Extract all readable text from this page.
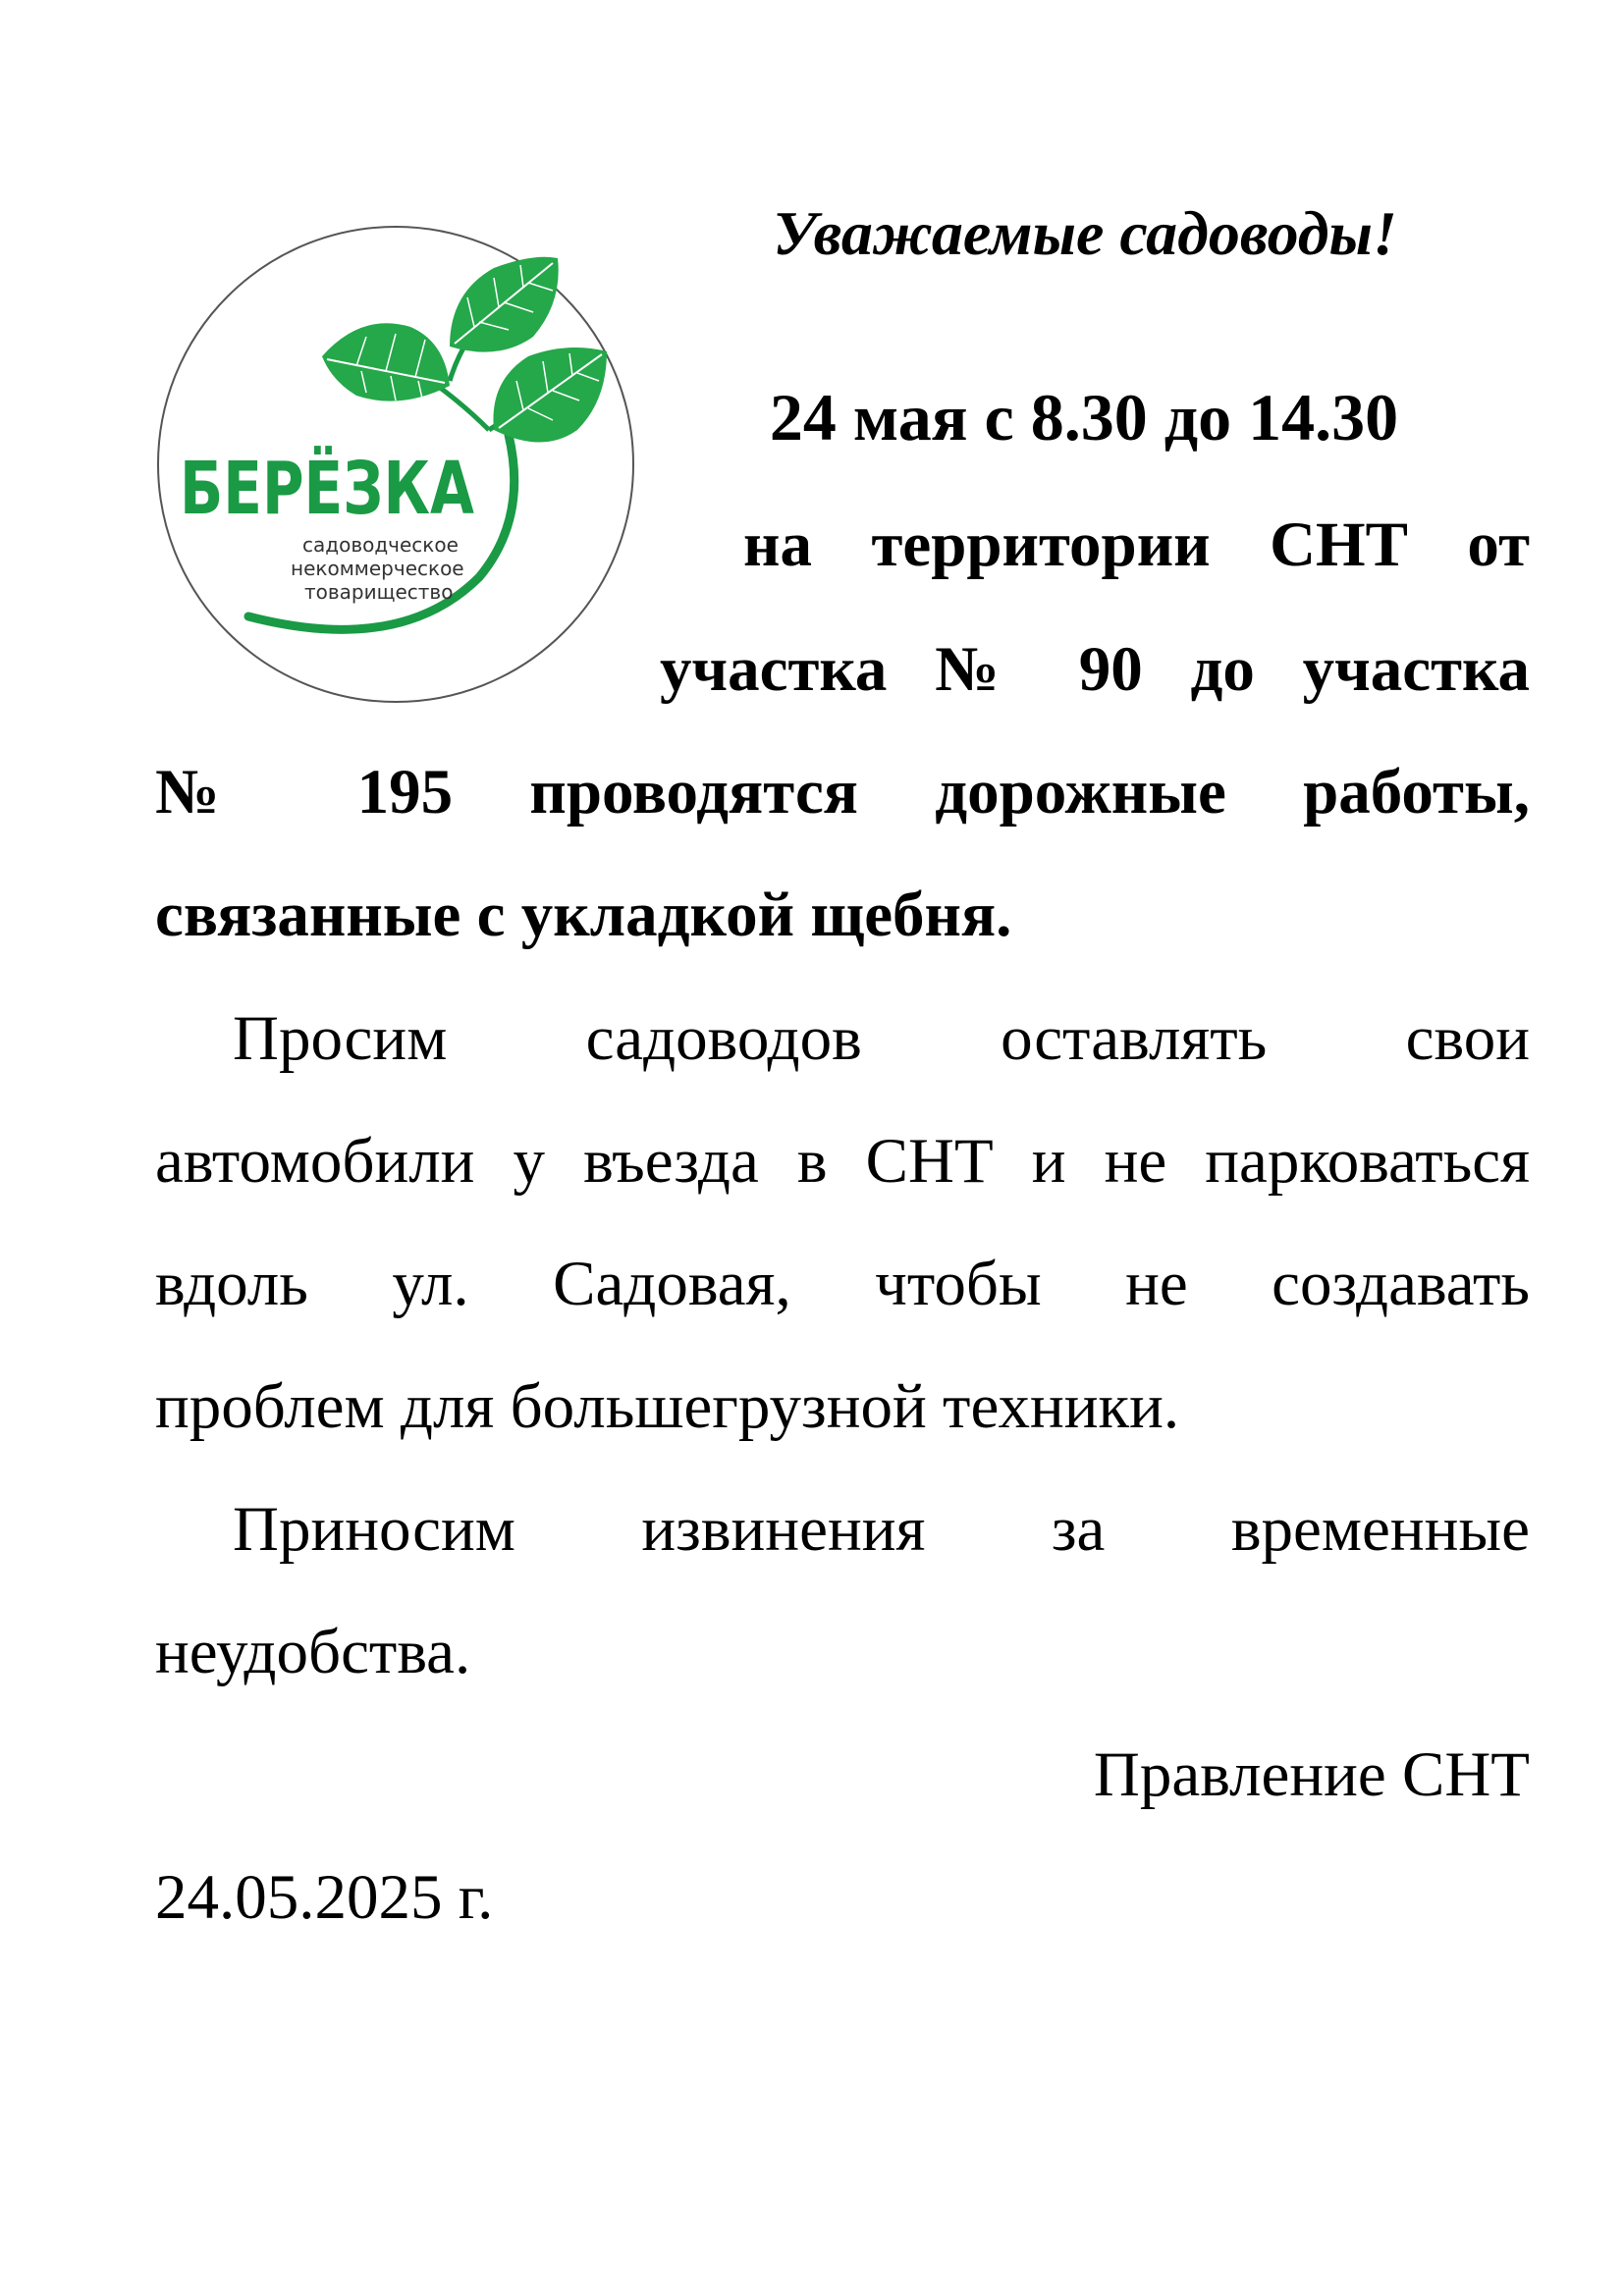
БЕРЁЗКА
садоводческое
некоммерческое
товарищество
Уважаемые садоводы!
24 мая с 8.30 до 14.30
на территории СНТ от
участка № 90 до участка
№ 195 проводятся дорожные работы,
связанные с укладкой щебня.
Просим садоводов оставлять свои
автомобили у въезда в СНТ и не парковаться
вдоль ул. Садовая, чтобы не создавать
проблем для большегрузной техники.
Приносим извинения за временные
неудобства.
Правление СНТ
24.05.2025 г.
